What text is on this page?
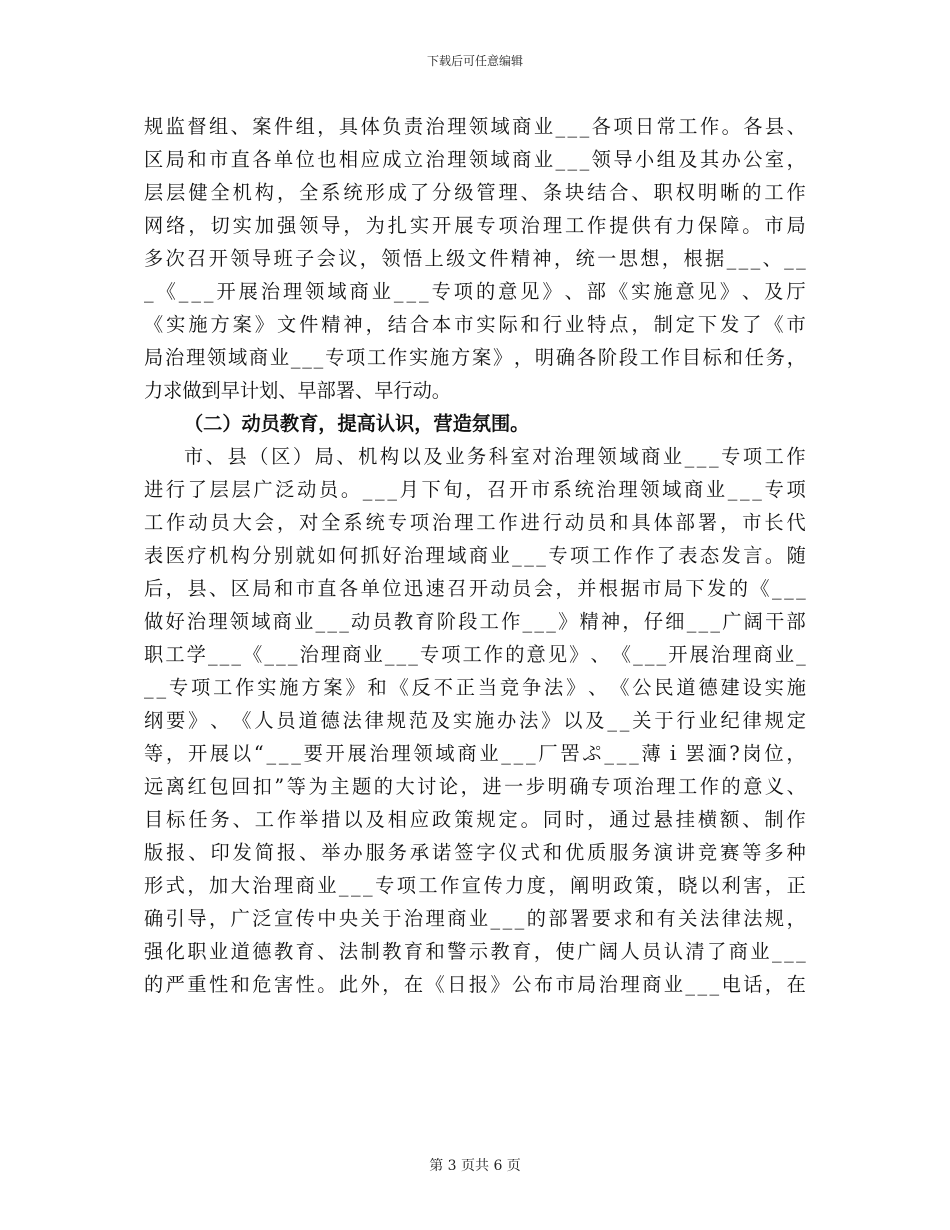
下载后可任意编辑
规 监 督 组 、 案 件 组 ， 具 体 负 责 治 理 领 域 商 业 _ _ _ 各 项 日 常 工 作 。 各 县 、
区 局 和 市 直 各 单 位 也 相 应 成 立 治 理 领 域 商 业 _ _ _ 领 导 小 组 及 其 办 公 室 ，
层 层 健 全 机 构 ， 全 系 统 形 成 了 分 级 管 理 、 条 块 结 合 、 职 权 明 晰 的 工 作
网 络 ， 切 实 加 强 领 导 ， 为 扎 实 开 展 专 项 治 理 工 作 提 供 有 力 保 障 。 市 局
多 次 召 开 领 导 班 子 会 议 ， 领 悟 上 级 文 件 精 神 ， 统 一 思 想 ， 根 据 _ _ _ 、 _ _
_ 《 _ _ _ 开 展 治 理 领 域 商 业 _ _ _ 专 项 的 意 见 》 、 部 《 实 施 意 见 》 、 及 厅
《 实 施 方 案 》 文 件 精 神 ， 结 合 本 市 实 际 和 行 业 特 点 ， 制 定 下 发 了 《 市
局 治 理 领 域 商 业 _ _ _ 专 项 工 作 实 施 方 案 》 ， 明 确 各 阶 段 工 作 目 标 和 任 务 ，
力求做到早计划、早部署、早行动。
（二）动员教育，提高认识，营造氛围。
市 、 县 （ 区 ） 局 、 机 构 以 及 业 务 科 室 对 治 理 领 域 商 业 _ _ _ 专 项 工 作
进 行 了 层 层 广 泛 动 员 。 _ _ _ 月 下 旬 ， 召 开 市 系 统 治 理 领 域 商 业 _ _ _ 专 项
工 作 动 员 大 会 ， 对 全 系 统 专 项 治 理 工 作 进 行 动 员 和 具 体 部 署 ， 市 长 代
表 医 疗 机 构 分 别 就 如 何 抓 好 治 理 域 商 业 _ _ _ 专 项 工 作 作 了 表 态 发 言 。 随
后 ， 县 、 区 局 和 市 直 各 单 位 迅 速 召 开 动 员 会 ， 并 根 据 市 局 下 发 的 《 _ _ _
做 好 治 理 领 域 商 业 _ _ _ 动 员 教 育 阶 段 工 作 _ _ _ 》 精 神 ， 仔 细 _ _ _ 广 阔 干 部
职 工 学 _ _ _ 《 _ _ _ 治 理 商 业 _ _ _ 专 项 工 作 的 意 见 》 、 《 _ _ _ 开 展 治 理 商 业 _
_ _ 专 项 工 作 实 施 方 案 》 和 《 反 不 正 当 竞 争 法 》 、 《 公 民 道 德 建 设 实 施
纲 要 》 、 《 人 员 道 德 法 律 规 范 及 实 施 办 法 》 以 及 _ _ 关 于 行 业 纪 律 规 定
等 ， 开 展 以 “ _ _ _ 要 开 展 治 理 领 域 商 业 _ _ _ 厂 罟 ぷ _ _ _ 薄 ｉ 罢 湎 ? 岗 位 ，
远 离 红 包 回 扣 ” 等 为 主 题 的 大 讨 论 ， 进 一 步 明 确 专 项 治 理 工 作 的 意 义 、
目 标 任 务 、 工 作 举 措 以 及 相 应 政 策 规 定 。 同 时 ， 通 过 悬 挂 横 额 、 制 作
版 报 、 印 发 简 报 、 举 办 服 务 承 诺 签 字 仪 式 和 优 质 服 务 演 讲 竞 赛 等 多 种
形 式 ， 加 大 治 理 商 业 _ _ _ 专 项 工 作 宣 传 力 度 ， 阐 明 政 策 ， 晓 以 利 害 ， 正
确 引 导 ， 广 泛 宣 传 中 央 关 于 治 理 商 业 _ _ _ 的 部 署 要 求 和 有 关 法 律 法 规 ，
强 化 职 业 道 德 教 育 、 法 制 教 育 和 警 示 教 育 ， 使 广 阔 人 员 认 清 了 商 业 _ _ _
的 严 重 性 和 危 害 性 。 此 外 ， 在 《 日 报 》 公 布 市 局 治 理 商 业 _ _ _ 电 话 ， 在
第 3 页共 6 页
